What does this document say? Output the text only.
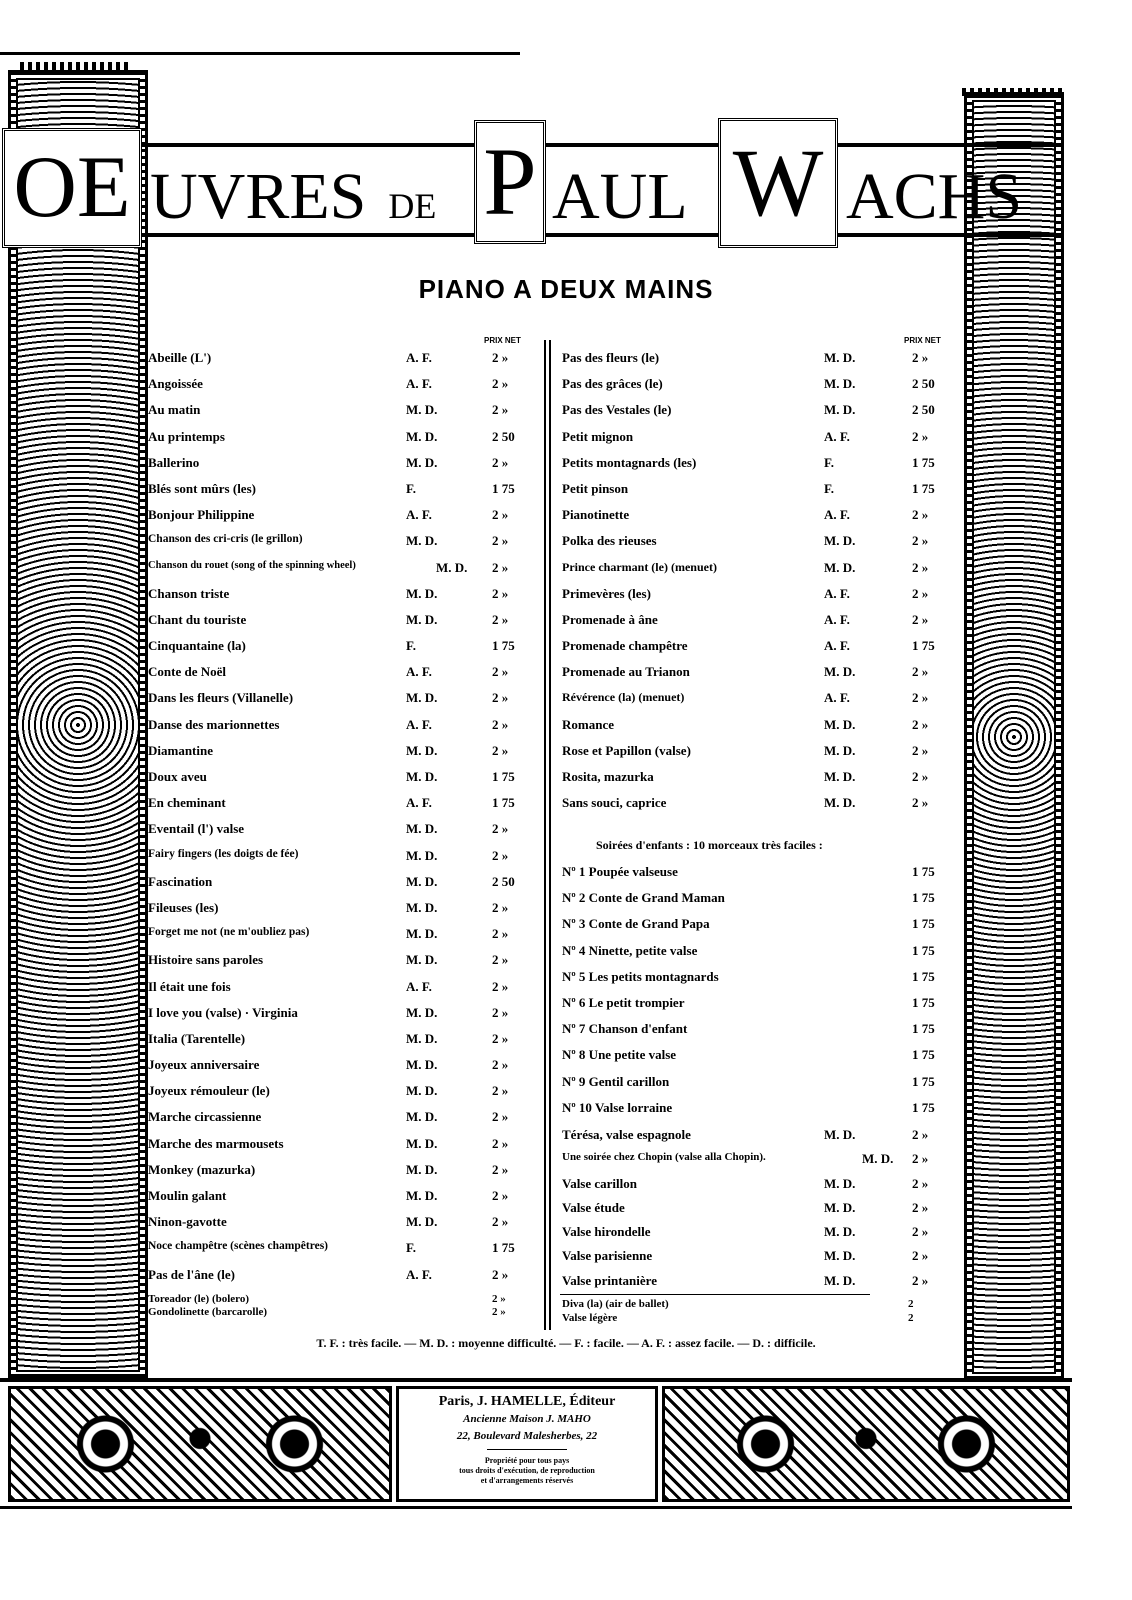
OE UVRES DE P AUL W ACHS
PIANO A DEUX MAINS
PRIX NET	PRIX NET
Abeille (L')	A. F.	2 »
Angoissée	A. F.	2 »
Au matin	M. D.	2 »
Au printemps	M. D.	2 50
Ballerino	M. D.	2 »
Blés sont mûrs (les)	F.	1 75
Bonjour Philippine	A. F.	2 »
Chanson des cri-cris (le grillon)	M. D.	2 »
Chanson du rouet (song of the spinning wheel)	M. D. 2 »
Chanson triste	M. D.	2 »
Chant du touriste	M. D.	2 »
Cinquantaine (la)	F.	1 75
Conte de Noël	A. F.	2 »
Dans les fleurs (Villanelle)	M. D.	2 »
Danse des marionnettes	A. F.	2 »
Diamantine	M. D.	2 »
Doux aveu	M. D.	1 75
En cheminant	A. F.	1 75
Eventail (l') valse	M. D.	2 »
Fairy fingers (les doigts de fée)	M. D.	2 »
Fascination	M. D.	2 50
Fileuses (les)	M. D.	2 »
Forget me not (ne m'oubliez pas)	M. D.	2 »
Histoire sans paroles	M. D.	2 »
Il était une fois	A. F.	2 »
I love you (valse) · Virginia	M. D.	2 »
Italia (Tarentelle)	M. D.	2 »
Joyeux anniversaire	M. D.	2 »
Joyeux rémouleur (le)	M. D.	2 »
Marche circassienne	M. D.	2 »
Marche des marmousets	M. D.	2 »
Monkey (mazurka)	M. D.	2 »
Moulin galant	M. D.	2 »
Ninon-gavotte	M. D.	2 »
Noce champêtre (scènes champêtres)	F.	1 75
Pas de l'âne (le)	A. F.	2 »
Toreador (le) (bolero)	2 »
Gondolinette (barcarolle)	2 »
Pas des fleurs (le)	M. D.	2 »
Pas des grâces (le)	M. D.	2 50
Pas des Vestales (le)	M. D.	2 50
Petit mignon	A. F.	2 »
Petits montagnards (les)	F.	1 75
Petit pinson	F.	1 75
Pianotinette	A. F.	2 »
Polka des rieuses	M. D.	2 »
Prince charmant (le) (menuet)	M. D.	2 »
Primevères (les)	A. F.	2 »
Promenade à âne	A. F.	2 »
Promenade champêtre	A. F.	1 75
Promenade au Trianon	M. D.	2 »
Révérence (la) (menuet)	A. F.	2 »
Romance	M. D.	2 »
Rose et Papillon (valse)	M. D.	2 »
Rosita, mazurka	M. D.	2 »
Sans souci, caprice	M. D.	2 »
Soirées d'enfants : 10 morceaux très faciles :
Nº 1 Poupée valseuse	1 75
Nº 2 Conte de Grand Maman	1 75
Nº 3 Conte de Grand Papa	1 75
Nº 4 Ninette, petite valse	1 75
Nº 5 Les petits montagnards	1 75
Nº 6 Le petit trompier	1 75
Nº 7 Chanson d'enfant	1 75
Nº 8 Une petite valse	1 75
Nº 9 Gentil carillon	1 75
Nº 10 Valse lorraine	1 75
Térésa, valse espagnole	M. D.	2 »
Une soirée chez Chopin (valse alla Chopin).	M. D. 2 »
Valse carillon	M. D.	2 »
Valse étude	M. D.	2 »
Valse hirondelle	M. D.	2 »
Valse parisienne	M. D.	2 »
Valse printanière	M. D.	2 »
Diva (la) (air de ballet)	2
Valse légère	2
T. F. : très facile. — M. D. : moyenne difficulté. — F. : facile. — A. F. : assez facile. — D. : difficile.
Paris, J. HAMELLE, Éditeur
Ancienne Maison J. MAHO
22, Boulevard Malesherbes, 22
Propriété pour tous pays
tous droits d'exécution, de reproduction
et d'arrangements réservés
